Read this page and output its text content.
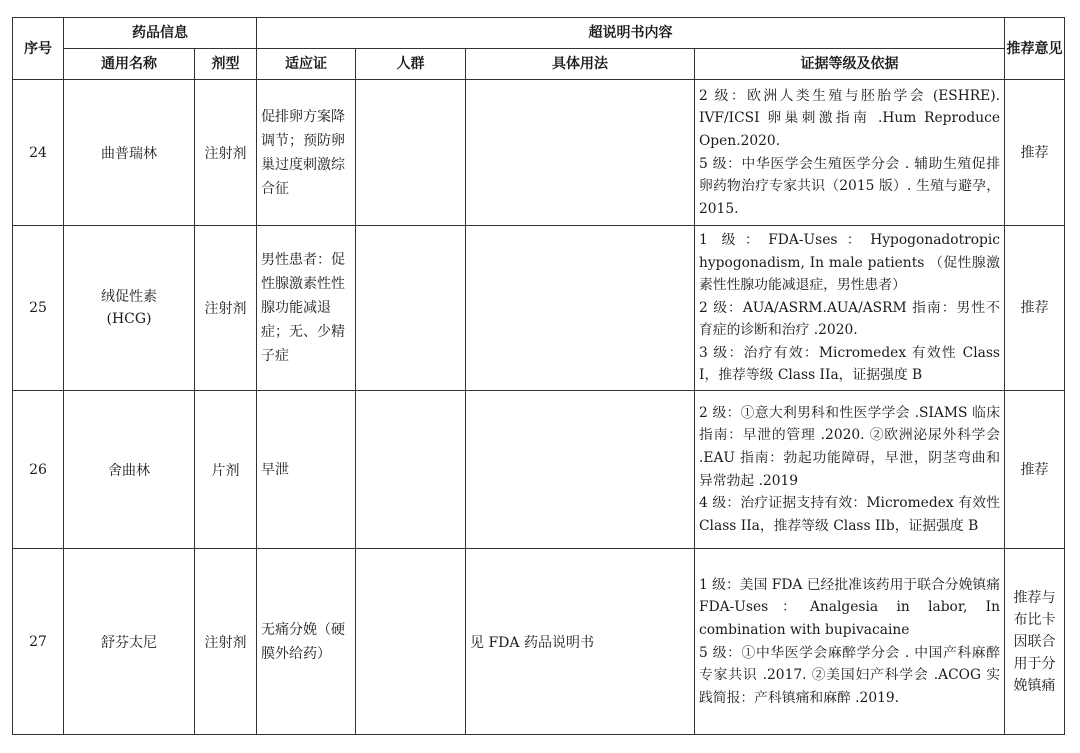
序号	药品信息		超说明书内容				推荐意见
	通用名称	剂型	适应证	人群	具体用法	证据等级及依据	
24	曲普瑞林	注射剂	促排卵方案降调节；预防卵巢过度刺激综合征			2 级：欧洲人类生殖与胚胎学会 (ESHRE). IVF/ICSI 卵巢刺激指南 .Hum Reproduce Open.2020.
5 级：中华医学会生殖医学分会 . 辅助生殖促排卵药物治疗专家共识（2015 版）. 生殖与避孕，2015.	推荐
25	绒促性素 (HCG)	注射剂	男性患者：促性腺激素性性腺功能减退症；无、少精子症			1 级：FDA-Uses：Hypogonadotropic hypogonadism, In male patients （促性腺激素性性腺功能减退症，男性患者）
2 级：AUA/ASRM.AUA/ASRM 指南：男性不育症的诊断和治疗 .2020.
3 级：治疗有效：Micromedex 有效性 Class I，推荐等级 Class IIa，证据强度 B	推荐
26	舍曲林	片剂	早泄			2 级：①意大利男科和性医学学会 .SIAMS 临床指南：早泄的管理 .2020. ②欧洲泌尿外科学会 .EAU 指南：勃起功能障碍，早泄，阴茎弯曲和异常勃起 .2019
4 级：治疗证据支持有效：Micromedex 有效性 Class IIa，推荐等级 Class IIb，证据强度 B	推荐
27	舒芬太尼	注射剂	无痛分娩（硬膜外给药）		见 FDA 药品说明书	1 级：美国 FDA 已经批准该药用于联合分娩镇痛 FDA-Uses：Analgesia in labor, In combination with bupivacaine
5 级：①中华医学会麻醉学分会 . 中国产科麻醉专家共识 .2017. ②美国妇产科学会 .ACOG 实践简报：产科镇痛和麻醉 .2019.	推荐与布比卡因联合用于分娩镇痛
